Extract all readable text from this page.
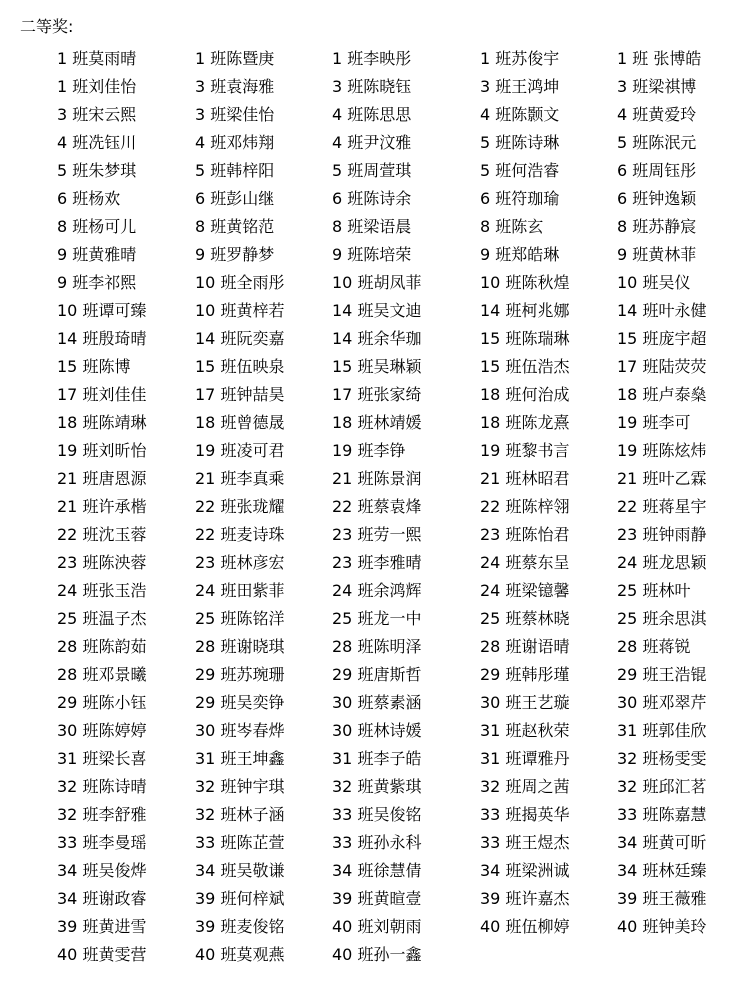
二等奖:
1 班莫雨晴	1 班陈暨庚	1 班李映彤	1 班苏俊宇	1 班 张博皓
1 班刘佳怡	3 班袁海雅	3 班陈晓钰	3 班王鸿坤	3 班梁祺博
3 班宋云熙	3 班梁佳怡	4 班陈思思	4 班陈颢文	4 班黄爱玲
4 班冼钰川	4 班邓炜翔	4 班尹汶雅	5 班陈诗琳	5 班陈泯元
5 班朱梦琪	5 班韩梓阳	5 班周萱琪	5 班何浩睿	6 班周钰彤
6 班杨欢	6 班彭山继	6 班陈诗余	6 班符珈瑜	6 班钟逸颖
8 班杨可儿	8 班黄铭范	8 班梁语晨	8 班陈玄	8 班苏静宸
9 班黄雅晴	9 班罗静梦	9 班陈培荣	9 班郑皓琳	9 班黄林菲
9 班李祁熙	10 班全雨彤	10 班胡凤菲	10 班陈秋煌	10 班吴仪
10 班谭可臻	10 班黄梓若	14 班吴文迪	14 班柯兆娜	14 班叶永健
14 班殷琦晴	14 班阮奕嘉	14 班余华珈	15 班陈瑞琳	15 班庞宇超
15 班陈博	15 班伍映泉	15 班吴琳颖	15 班伍浩杰	17 班陆荧荧
17 班刘佳佳	17 班钟喆昊	17 班张家绮	18 班何治成	18 班卢泰燊
18 班陈靖琳	18 班曾德晟	18 班林靖媛	18 班陈龙熹	19 班李可
19 班刘昕怡	19 班凌可君	19 班李铮	19 班黎书言	19 班陈炫炜
21 班唐恩源	21 班李真乘	21 班陈景润	21 班林昭君	21 班叶乙霖
21 班许承楷	22 班张珑耀	22 班蔡袁烽	22 班陈梓翎	22 班蒋星宇
22 班沈玉蓉	22 班麦诗珠	23 班劳一熙	23 班陈怡君	23 班钟雨静
23 班陈泱蓉	23 班林彦宏	23 班李雅晴	24 班蔡东呈	24 班龙思颖
24 班张玉浩	24 班田紫菲	24 班余鸿辉	24 班梁镱馨	25 班林叶
25 班温子杰	25 班陈铭洋	25 班龙一中	25 班蔡林晓	25 班余思淇
28 班陈韵茹	28 班谢晓琪	28 班陈明泽	28 班谢语晴	28 班蒋锐
28 班邓景曦	29 班苏琬珊	29 班唐斯哲	29 班韩彤瑾	29 班王浩锟
29 班陈小钰	29 班吴奕铮	30 班蔡素涵	30 班王艺璇	30 班邓翠芹
30 班陈婷婷	30 班岑春烨	30 班林诗媛	31 班赵秋荣	31 班郭佳欣
31 班梁长喜	31 班王坤鑫	31 班李子皓	31 班谭雅丹	32 班杨雯雯
32 班陈诗晴	32 班钟宇琪	32 班黄紫琪	32 班周之茜	32 班邱汇茗
32 班李舒雅	32 班林子涵	33 班吴俊铭	33 班揭英华	33 班陈嘉慧
33 班李曼瑶	33 班陈芷萱	33 班孙永科	33 班王煜杰	34 班黄可昕
34 班吴俊烨	34 班吴敬谦	34 班徐慧倩	34 班梁洲诚	34 班林廷臻
34 班谢政睿	39 班何梓斌	39 班黄暄壹	39 班许嘉杰	39 班王薇雅
39 班黄进雪	39 班麦俊铭	40 班刘朝雨	40 班伍柳婷	40 班钟美玲
40 班黄雯营	40 班莫观燕	40 班孙一鑫
